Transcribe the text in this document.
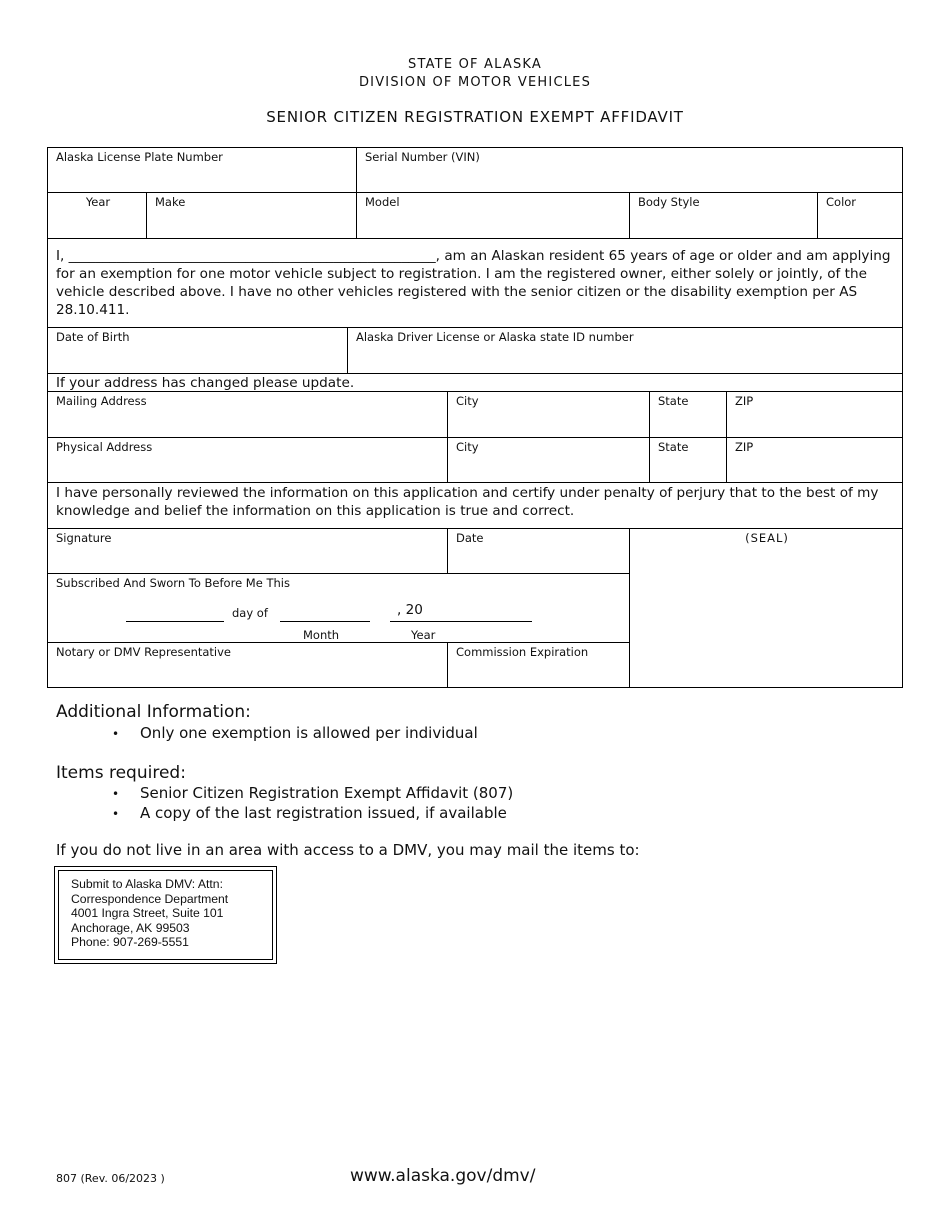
STATE OF ALASKA
DIVISION OF MOTOR VEHICLES
SENIOR CITIZEN REGISTRATION EXEMPT AFFIDAVIT
Alaska License Plate Number	Serial Number (VIN)
Year	Make	Model	Body Style	Color
I, ______________________________________________________, am an Alaskan resident 65 years of age or older and am applying for an exemption for one motor vehicle subject to registration. I am the registered owner, either solely or jointly, of the vehicle described above. I have no other vehicles registered with the senior citizen or the disability exemption per AS 28.10.411.
Date of Birth	Alaska Driver License or Alaska state ID number
If your address has changed please update.
Mailing Address	City	State	ZIP
Physical Address	City	State	ZIP
I have personally reviewed the information on this application and certify under penalty of perjury that to the best of my knowledge and belief the information on this application is true and correct.
Signature	Date	(SEAL)
Subscribed And Sworn To Before Me This
day of
Month
, 20
Year
Notary or DMV Representative	Commission Expiration
Additional Information:
• Only one exemption is allowed per individual
Items required:
• Senior Citizen Registration Exempt Affidavit (807)
• A copy of the last registration issued, if available
If you do not live in an area with access to a DMV, you may mail the items to:
Submit to Alaska DMV: Attn:
Correspondence Department
4001 Ingra Street, Suite 101
Anchorage, AK 99503
Phone: 907-269-5551
807 (Rev. 06/2023 )	www.alaska.gov/dmv/
